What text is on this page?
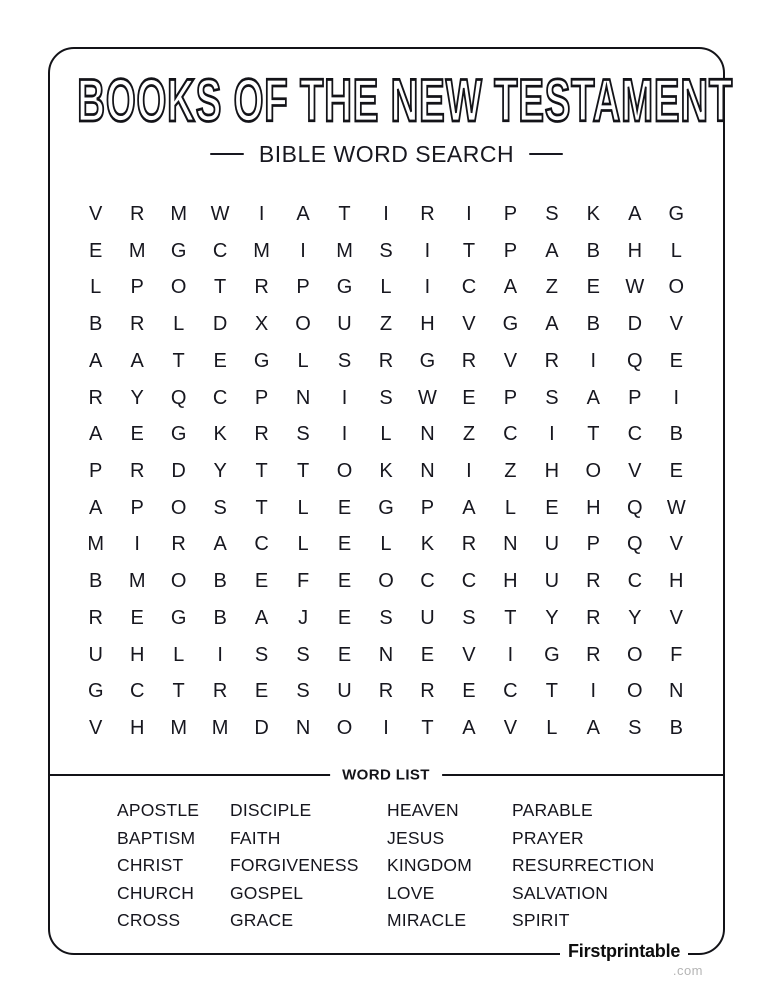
BOOKS OF THE NEW TESTAMENT
BIBLE WORD SEARCH
V	R	M	W	I	A	T	I	R	I	P	S	K	A	G
E	M	G	C	M	I	M	S	I	T	P	A	B	H	L
L	P	O	T	R	P	G	L	I	C	A	Z	E	W	O
B	R	L	D	X	O	U	Z	H	V	G	A	B	D	V
A	A	T	E	G	L	S	R	G	R	V	R	I	Q	E
R	Y	Q	C	P	N	I	S	W	E	P	S	A	P	I
A	E	G	K	R	S	I	L	N	Z	C	I	T	C	B
P	R	D	Y	T	T	O	K	N	I	Z	H	O	V	E
A	P	O	S	T	L	E	G	P	A	L	E	H	Q	W
M	I	R	A	C	L	E	L	K	R	N	U	P	Q	V
B	M	O	B	E	F	E	O	C	C	H	U	R	C	H
R	E	G	B	A	J	E	S	U	S	T	Y	R	Y	V
U	H	L	I	S	S	E	N	E	V	I	G	R	O	F
G	C	T	R	E	S	U	R	R	E	C	T	I	O	N
V	H	M	M	D	N	O	I	T	A	V	L	A	S	B
WORD LIST
APOSTLE
BAPTISM
CHRIST
CHURCH
CROSS
DISCIPLE
FAITH
FORGIVENESS
GOSPEL
GRACE
HEAVEN
JESUS
KINGDOM
LOVE
MIRACLE
PARABLE
PRAYER
RESURRECTION
SALVATION
SPIRIT
Firstprintable
.com
